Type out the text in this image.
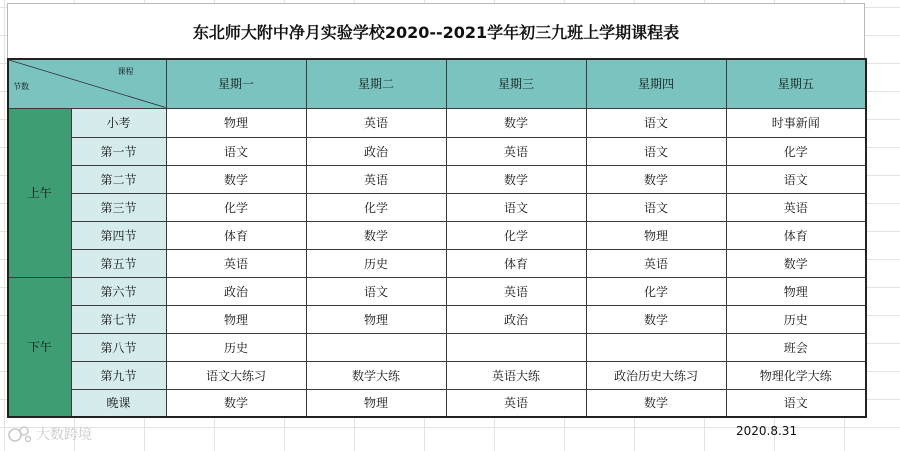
东北师大附中净月实验学校2020--2021学年初三九班上学期课程表
课程
节数		星期一	星期二	星期三	星期四	星期五
上午	小考	物理	英语	数学	语文	时事新闻
	第一节	语文	政治	英语	语文	化学
	第二节	数学	英语	数学	数学	语文
	第三节	化学	化学	语文	语文	英语
	第四节	体育	数学	化学	物理	体育
	第五节	英语	历史	体育	英语	数学
下午	第六节	政治	语文	英语	化学	物理
	第七节	物理	物理	政治	数学	历史
	第八节	历史				班会
	第九节	语文大练习	数学大练	英语大练	政治历史大练习	物理化学大练
	晚课	数学	物理	英语	数学	语文
大数跨境	2020.8.31
